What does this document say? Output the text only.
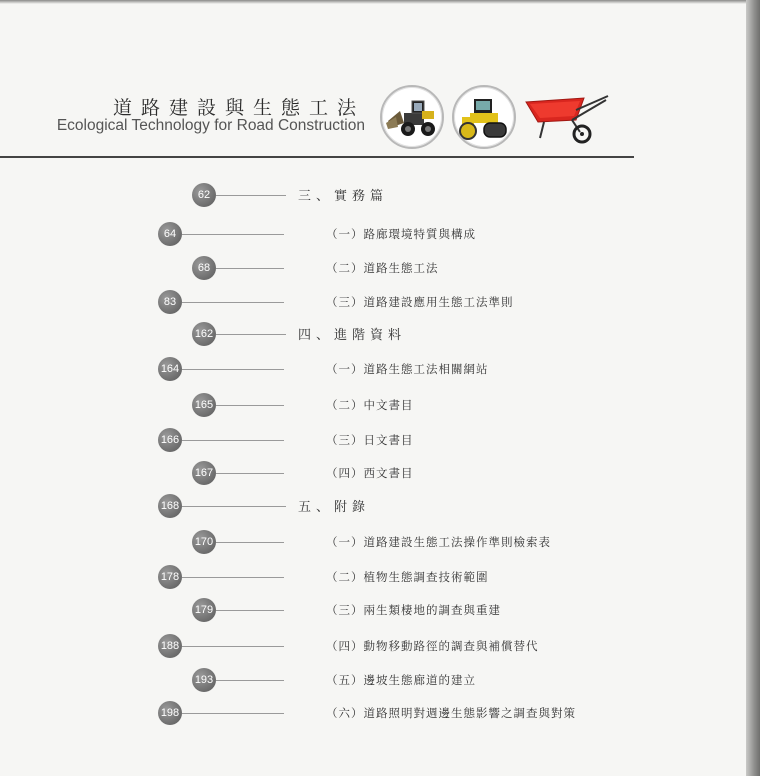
道路建設與生態工法
Ecological Technology for Road Construction
62	三、實務篇
64	（一）路廊環境特質與構成
68	（二）道路生態工法
83	（三）道路建設應用生態工法準則
162	四、進階資料
164	（一）道路生態工法相關網站
165	（二）中文書目
166	（三）日文書目
167	（四）西文書目
168	五、附錄
170	（一）道路建設生態工法操作準則檢索表
178	（二）植物生態調查技術範圍
179	（三）兩生類棲地的調查與重建
188	（四）動物移動路徑的調查與補償替代
193	（五）邊坡生態廊道的建立
198	（六）道路照明對週邊生態影響之調查與對策
